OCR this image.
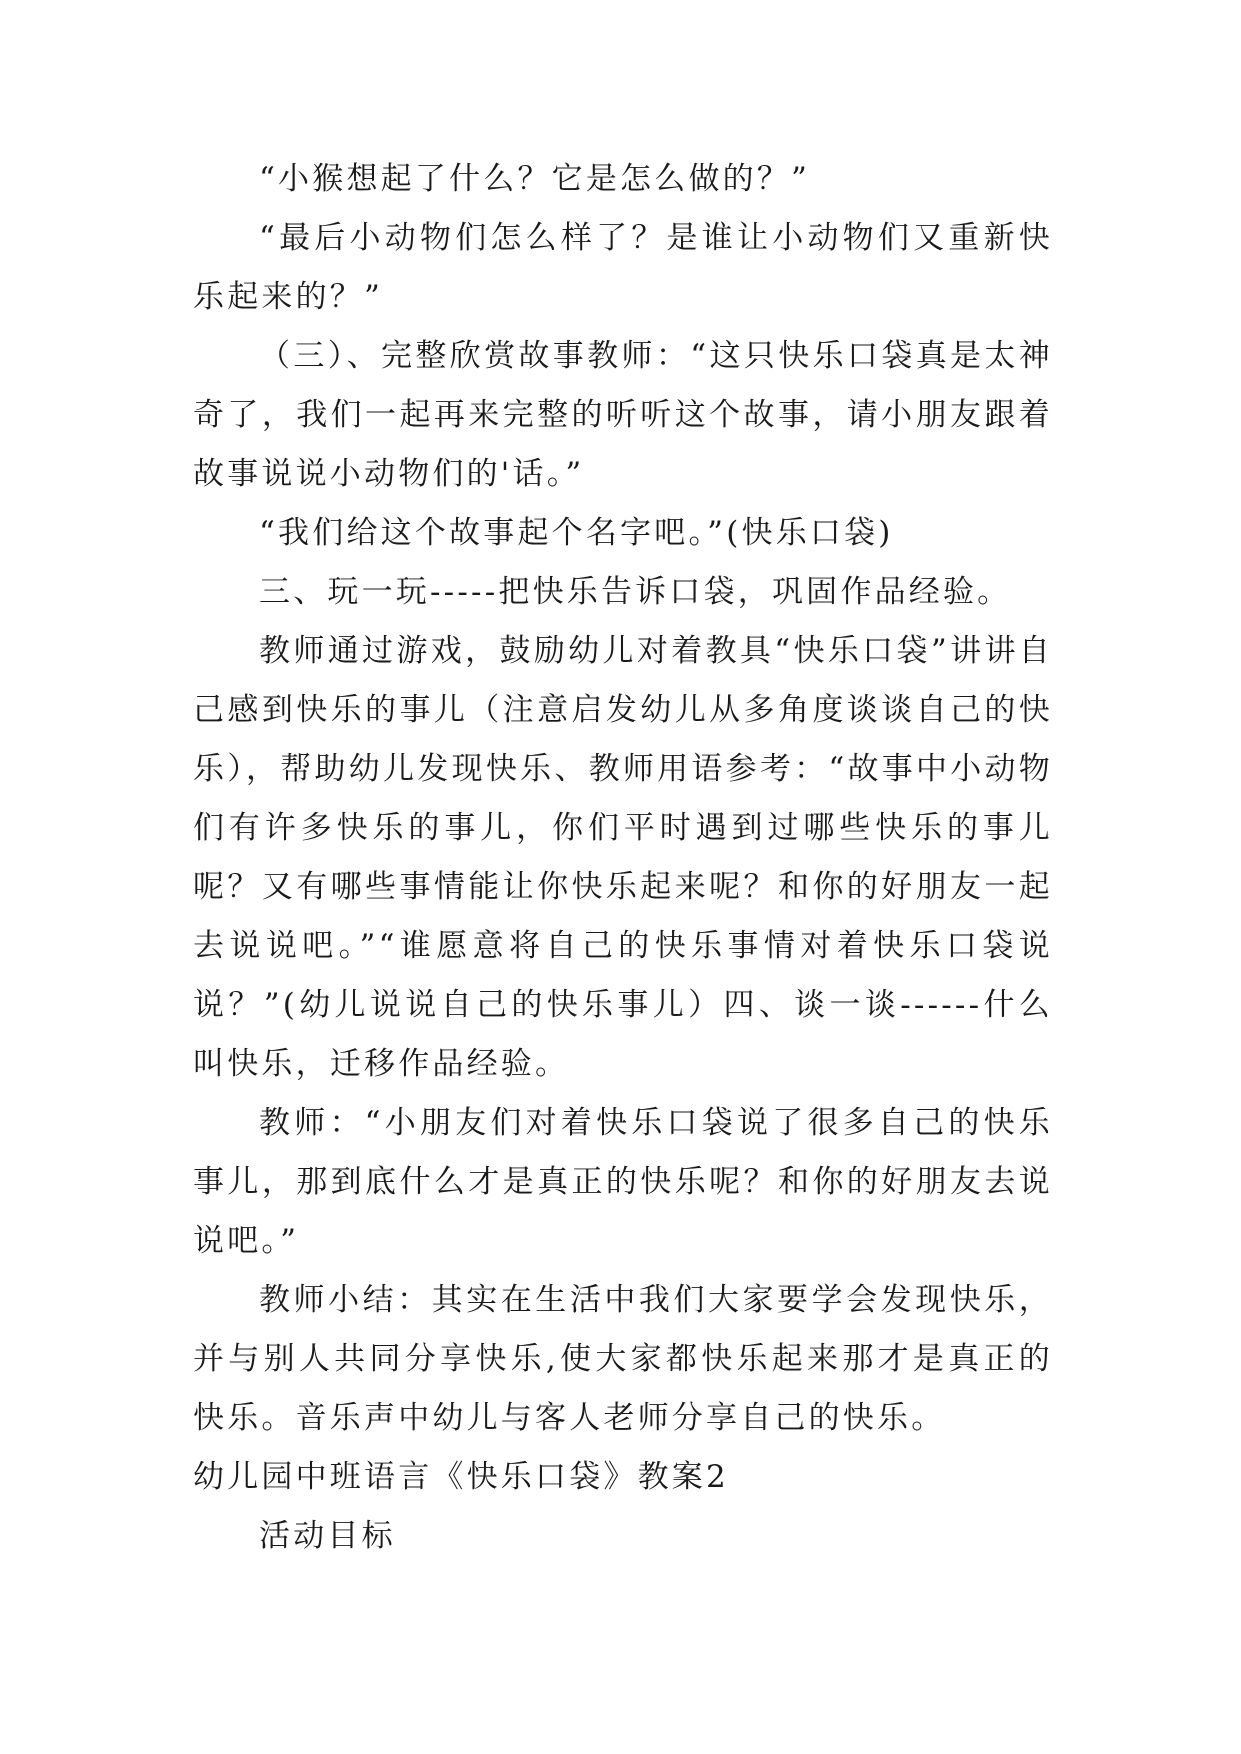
“小猴想起了什么？它是怎么做的？”

“最后小动物们怎么样了？是谁让小动物们又重新快乐起来的？”

（三）、完整欣赏故事教师：“这只快乐口袋真是太神奇了，我们一起再来完整的听听这个故事，请小朋友跟着故事说说小动物们的'话。”

“我们给这个故事起个名字吧。”(快乐口袋)

三、玩一玩-----把快乐告诉口袋，巩固作品经验。

教师通过游戏，鼓励幼儿对着教具“快乐口袋”讲讲自己感到快乐的事儿（注意启发幼儿从多角度谈谈自己的快乐），帮助幼儿发现快乐、教师用语参考：“故事中小动物们有许多快乐的事儿，你们平时遇到过哪些快乐的事儿呢？又有哪些事情能让你快乐起来呢？和你的好朋友一起去说说吧。”“谁愿意将自己的快乐事情对着快乐口袋说说？”(幼儿说说自己的快乐事儿）四、谈一谈------什么叫快乐，迁移作品经验。

教师：“小朋友们对着快乐口袋说了很多自己的快乐事儿，那到底什么才是真正的快乐呢？和你的好朋友去说说吧。”

教师小结：其实在生活中我们大家要学会发现快乐，并与别人共同分享快乐,使大家都快乐起来那才是真正的快乐。音乐声中幼儿与客人老师分享自己的快乐。

幼儿园中班语言《快乐口袋》教案2

活动目标
